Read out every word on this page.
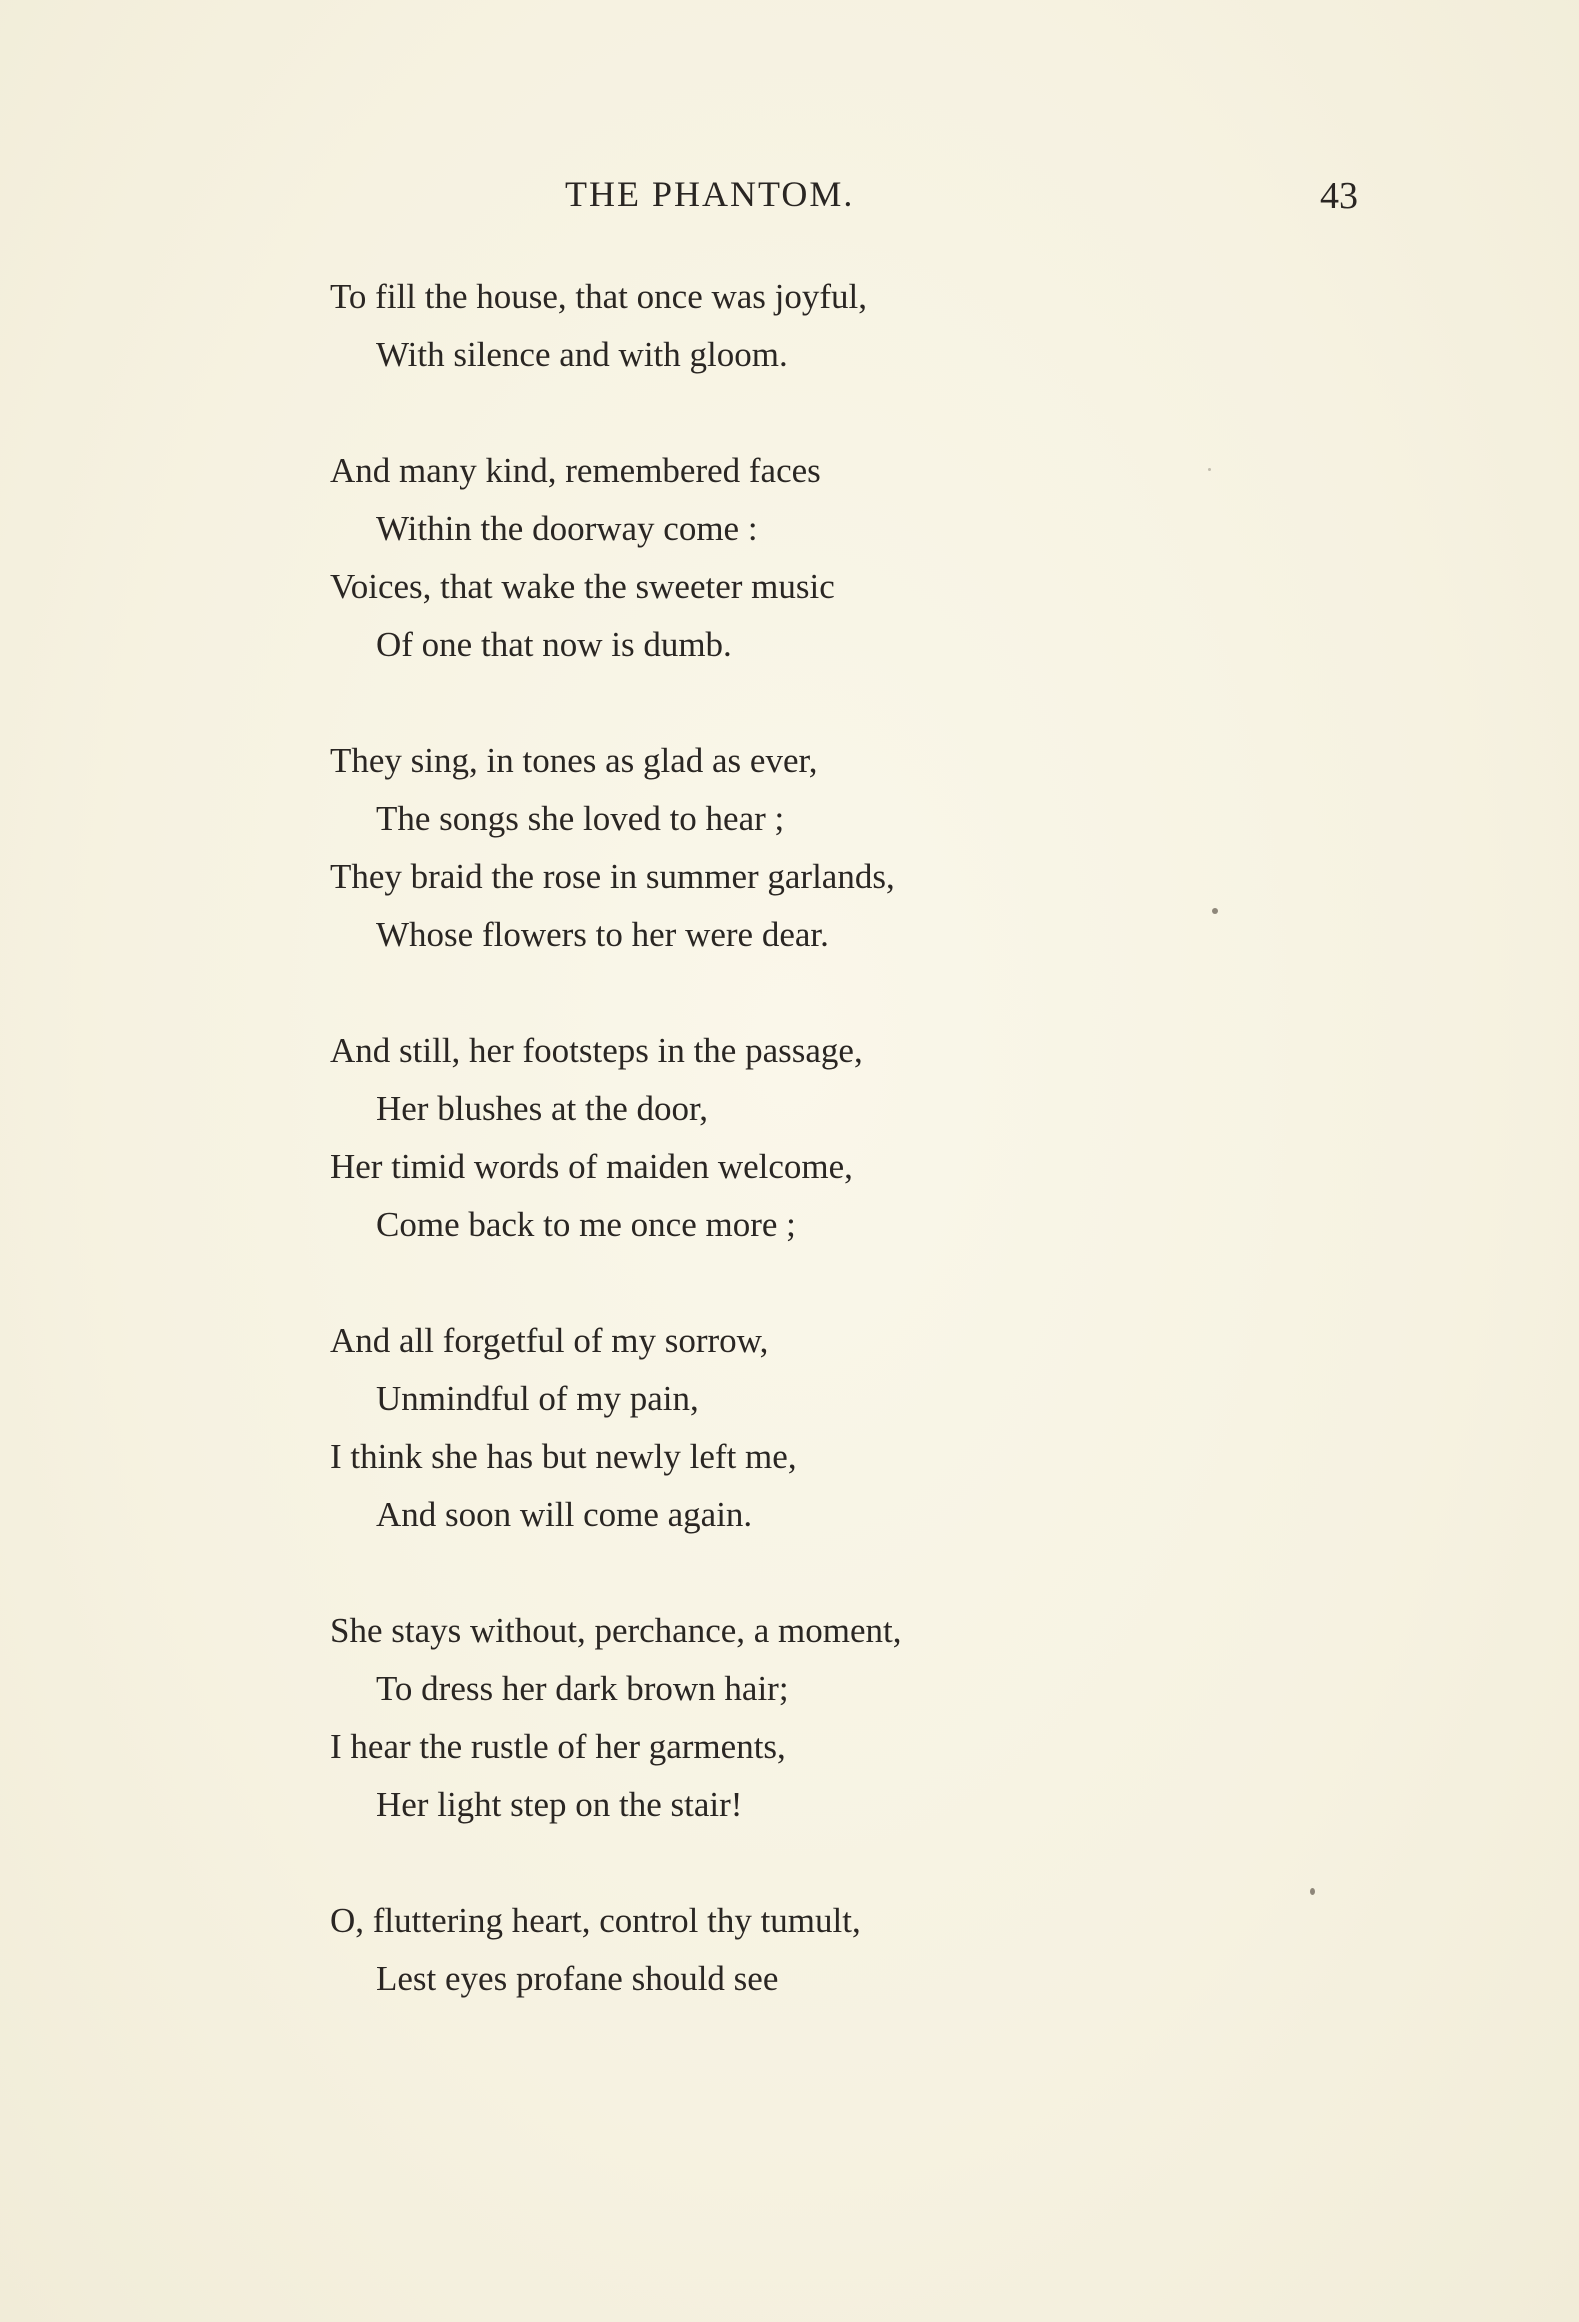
THE PHANTOM.	43
To fill the house, that once was joyful,
With silence and with gloom.
And many kind, remembered faces
Within the doorway come :
Voices, that wake the sweeter music
Of one that now is dumb.
They sing, in tones as glad as ever,
The songs she loved to hear ;
They braid the rose in summer garlands,
Whose flowers to her were dear.
And still, her footsteps in the passage,
Her blushes at the door,
Her timid words of maiden welcome,
Come back to me once more ;
And all forgetful of my sorrow,
Unmindful of my pain,
I think she has but newly left me,
And soon will come again.
She stays without, perchance, a moment,
To dress her dark brown hair;
I hear the rustle of her garments,
Her light step on the stair!
O, fluttering heart, control thy tumult,
Lest eyes profane should see
